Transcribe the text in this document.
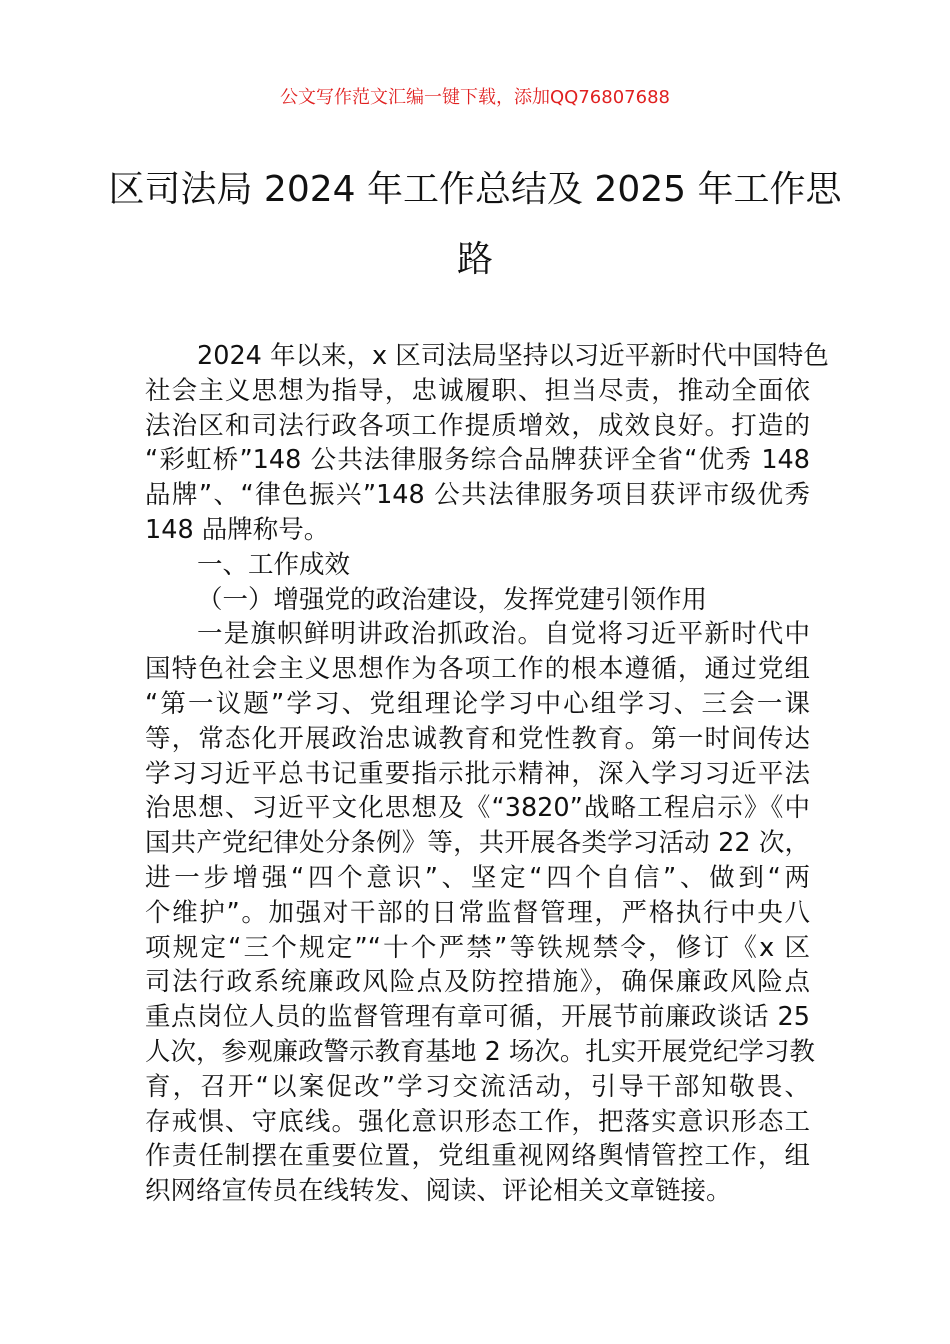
公文写作范文汇编一键下载，添加QQ76807688
区司法局 2024 年工作总结及 2025 年工作思
路
2024 年以来，x 区司法局坚持以习近平新时代中国特色
社会主义思想为指导，忠诚履职、担当尽责，推动全面依
法治区和司法行政各项工作提质增效，成效良好。打造的
“彩虹桥”148 公共法律服务综合品牌获评全省“优秀 148
品牌”、“律色振兴”148 公共法律服务项目获评市级优秀
148 品牌称号。
一、工作成效
（一）增强党的政治建设，发挥党建引领作用
一是旗帜鲜明讲政治抓政治。自觉将习近平新时代中
国特色社会主义思想作为各项工作的根本遵循，通过党组
“第一议题”学习、党组理论学习中心组学习、三会一课
等，常态化开展政治忠诚教育和党性教育。第一时间传达
学习习近平总书记重要指示批示精神，深入学习习近平法
治思想、习近平文化思想及《“3820”战略工程启示》《中
国共产党纪律处分条例》等，共开展各类学习活动 22 次，
进一步增强“四个意识”、坚定“四个自信”、做到“两
个维护”。加强对干部的日常监督管理，严格执行中央八
项规定“三个规定”“十个严禁”等铁规禁令，修订《x 区
司法行政系统廉政风险点及防控措施》，确保廉政风险点
重点岗位人员的监督管理有章可循，开展节前廉政谈话 25
人次，参观廉政警示教育基地 2 场次。扎实开展党纪学习教
育，召开“以案促改”学习交流活动，引导干部知敬畏、
存戒惧、守底线。强化意识形态工作，把落实意识形态工
作责任制摆在重要位置，党组重视网络舆情管控工作，组
织网络宣传员在线转发、阅读、评论相关文章链接。
